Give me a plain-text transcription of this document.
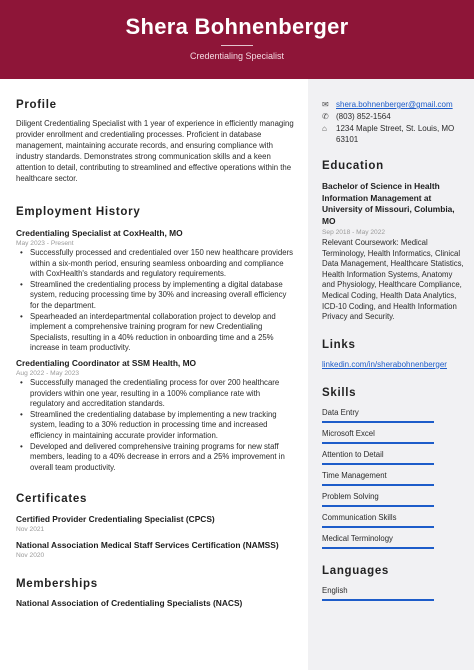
Shera Bohnenberger
Credentialing Specialist
Profile
Diligent Credentialing Specialist with 1 year of experience in efficiently managing provider enrollment and credentialing processes. Proficient in database management, maintaining accurate records, and ensuring compliance with industry standards. Demonstrates strong communication skills and a keen attention to detail, contributing to streamlined and effective operations within the healthcare sector.
Employment History
Credentialing Specialist at CoxHealth, MO
May 2023 - Present
• Successfully processed and credentialed over 150 new healthcare providers within a six-month period, ensuring seamless onboarding and compliance with CoxHealth's standards and regulatory requirements.
• Streamlined the credentialing process by implementing a digital database system, reducing processing time by 30% and increasing overall efficiency for the department.
• Spearheaded an interdepartmental collaboration project to develop and implement a comprehensive training program for new Credentialing Specialists, resulting in a 40% reduction in onboarding time and a 25% increase in team productivity.
Credentialing Coordinator at SSM Health, MO
Aug 2022 - May 2023
• Successfully managed the credentialing process for over 200 healthcare providers within one year, resulting in a 100% compliance rate with regulatory and accreditation standards.
• Streamlined the credentialing database by implementing a new tracking system, leading to a 30% reduction in processing time and increased efficiency in maintaining accurate provider information.
• Developed and delivered comprehensive training programs for new staff members, leading to a 40% decrease in errors and a 25% improvement in overall team productivity.
Certificates
Certified Provider Credentialing Specialist (CPCS)
Nov 2021
National Association Medical Staff Services Certification (NAMSS)
Nov 2020
Memberships
National Association of Credentialing Specialists (NACS)
✉ shera.bohnenberger@gmail.com
✆ (803) 852-1564
⌂	1234 Maple Street, St. Louis, MO 63101
Education
Bachelor of Science in Health Information Management at University of Missouri, Columbia, MO
Sep 2018 - May 2022
Relevant Coursework: Medical Terminology, Health Informatics, Clinical Data Management, Healthcare Statistics, Health Information Systems, Anatomy and Physiology, Healthcare Compliance, Medical Coding, Health Data Analytics, ICD-10 Coding, and Health Information Privacy and Security.
Links
linkedin.com/in/sherabohnenberger
Skills
Data Entry
Microsoft Excel
Attention to Detail
Time Management
Problem Solving
Communication Skills
Medical Terminology
Languages
English
